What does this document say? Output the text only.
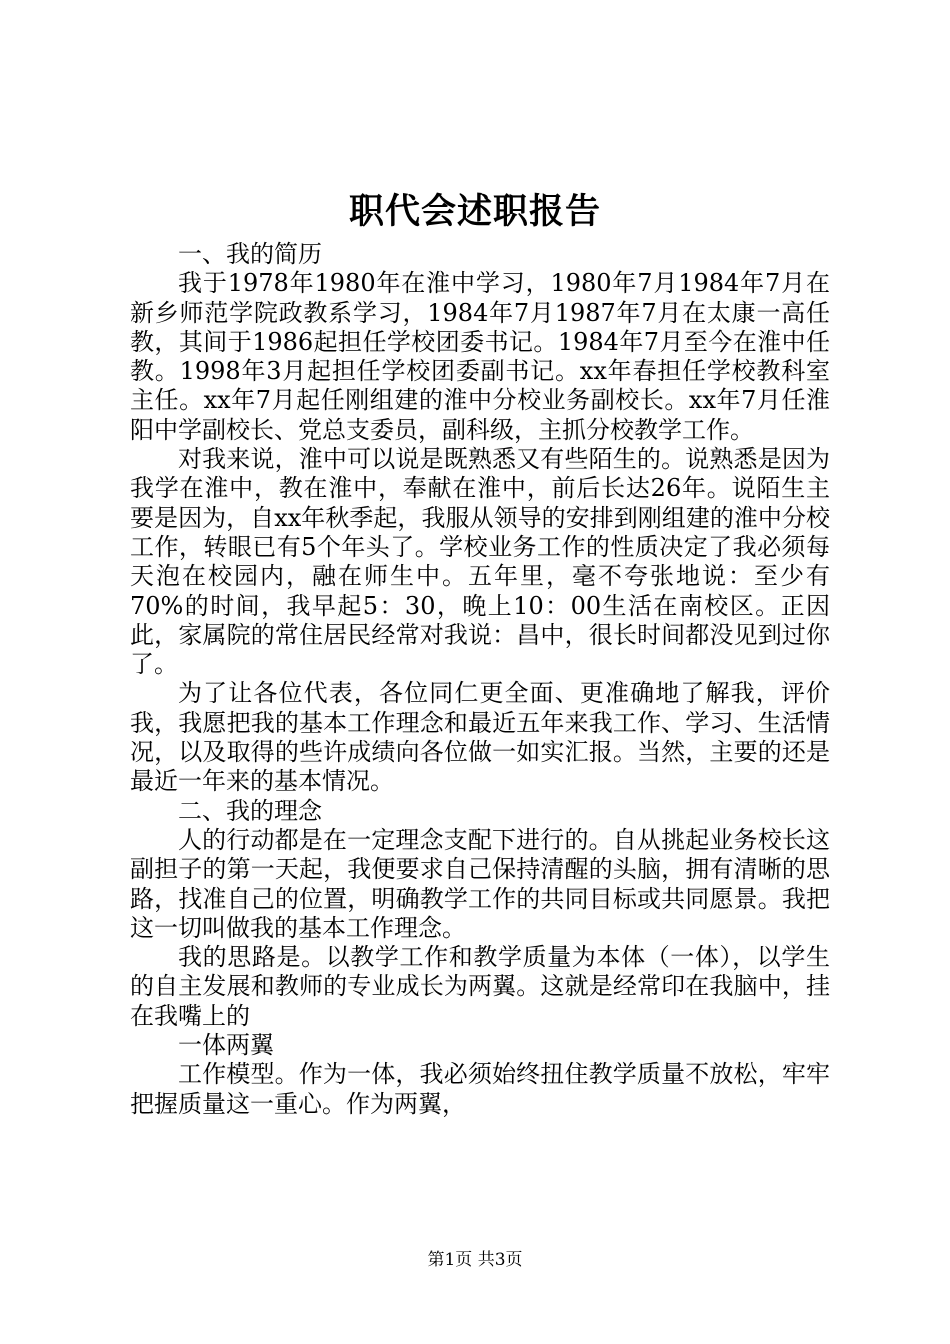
职代会述职报告

一、我的简历

我于1978年1980年在淮中学习，1980年7月1984年7月在新乡师范学院政教系学习，1984年7月1987年7月在太康一高任教，其间于1986起担任学校团委书记。1984年7月至今在淮中任教。1998年3月起担任学校团委副书记。xx年春担任学校教科室主任。xx年7月起任刚组建的淮中分校业务副校长。xx年7月任淮阳中学副校长、党总支委员，副科级，主抓分校教学工作。

对我来说，淮中可以说是既熟悉又有些陌生的。说熟悉是因为我学在淮中，教在淮中，奉献在淮中，前后长达26年。说陌生主要是因为，自xx年秋季起，我服从领导的安排到刚组建的淮中分校工作，转眼已有5个年头了。学校业务工作的性质决定了我必须每天泡在校园内，融在师生中。五年里，毫不夸张地说：至少有70%的时间，我早起5：30，晚上10：00生活在南校区。正因此，家属院的常住居民经常对我说：昌中，很长时间都没见到过你了。

为了让各位代表，各位同仁更全面、更准确地了解我，评价我，我愿把我的基本工作理念和最近五年来我工作、学习、生活情况，以及取得的些许成绩向各位做一如实汇报。当然，主要的还是最近一年来的基本情况。

二、我的理念

人的行动都是在一定理念支配下进行的。自从挑起业务校长这副担子的第一天起，我便要求自己保持清醒的头脑，拥有清晰的思路，找准自己的位置，明确教学工作的共同目标或共同愿景。我把这一切叫做我的基本工作理念。

我的思路是。以教学工作和教学质量为本体（一体），以学生的自主发展和教师的专业成长为两翼。这就是经常印在我脑中，挂在我嘴上的

一体两翼

工作模型。作为一体，我必须始终扭住教学质量不放松，牢牢把握质量这一重心。作为两翼，

第1页 共3页
